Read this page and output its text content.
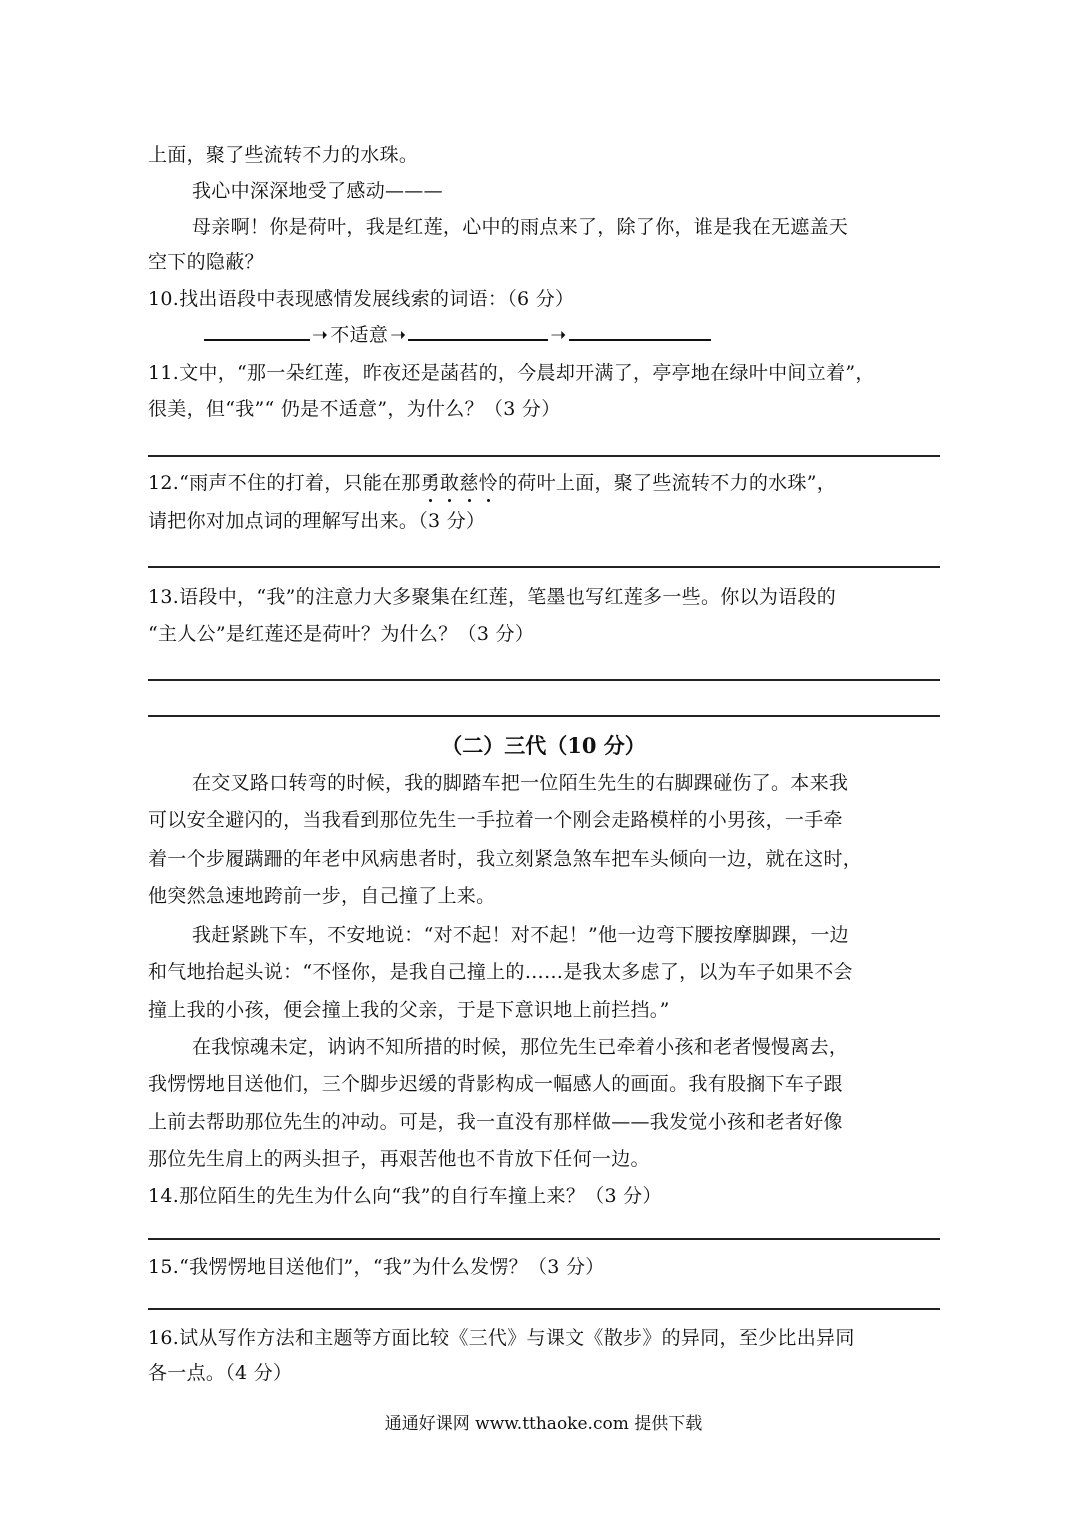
上面，聚了些流转不力的水珠。
我心中深深地受了感动———
母亲啊！你是荷叶，我是红莲，心中的雨点来了，除了你，谁是我在无遮盖天
空下的隐蔽？
10.找出语段中表现感情发展线索的词语：（6 分）
➝ 不适意 ➝	➝
11.文中，“那一朵红莲，昨夜还是菡萏的，今晨却开满了，亭亭地在绿叶中间立着”，
很美，但“我”“ 仍是不适意”，为什么？（3 分）
12.“雨声不住的打着，只能在那勇敢慈怜的荷叶上面，聚了些流转不力的水珠”，
请把你对加点词的理解写出来。（3 分）
13.语段中，“我”的注意力大多聚集在红莲，笔墨也写红莲多一些。你以为语段的
“主人公”是红莲还是荷叶？为什么？（3 分）
（二）三代（10 分）
在交叉路口转弯的时候，我的脚踏车把一位陌生先生的右脚踝碰伤了。本来我
可以安全避闪的，当我看到那位先生一手拉着一个刚会走路模样的小男孩，一手牵
着一个步履蹒跚的年老中风病患者时，我立刻紧急煞车把车头倾向一边，就在这时，
他突然急速地跨前一步，自己撞了上来。
我赶紧跳下车，不安地说：“对不起！对不起！”他一边弯下腰按摩脚踝，一边
和气地抬起头说：“不怪你，是我自己撞上的……是我太多虑了，以为车子如果不会
撞上我的小孩，便会撞上我的父亲，于是下意识地上前拦挡。”
在我惊魂未定，讷讷不知所措的时候，那位先生已牵着小孩和老者慢慢离去，
我愣愣地目送他们，三个脚步迟缓的背影构成一幅感人的画面。我有股搁下车子跟
上前去帮助那位先生的冲动。可是，我一直没有那样做——我发觉小孩和老者好像
那位先生肩上的两头担子，再艰苦他也不肯放下任何一边。
14.那位陌生的先生为什么向“我”的自行车撞上来？（3 分）
15.“我愣愣地目送他们”，“我”为什么发愣？（3 分）
16.试从写作方法和主题等方面比较《三代》与课文《散步》的异同，至少比出异同
各一点。（4 分）
通通好课网 www.tthaoke.com 提供下载
